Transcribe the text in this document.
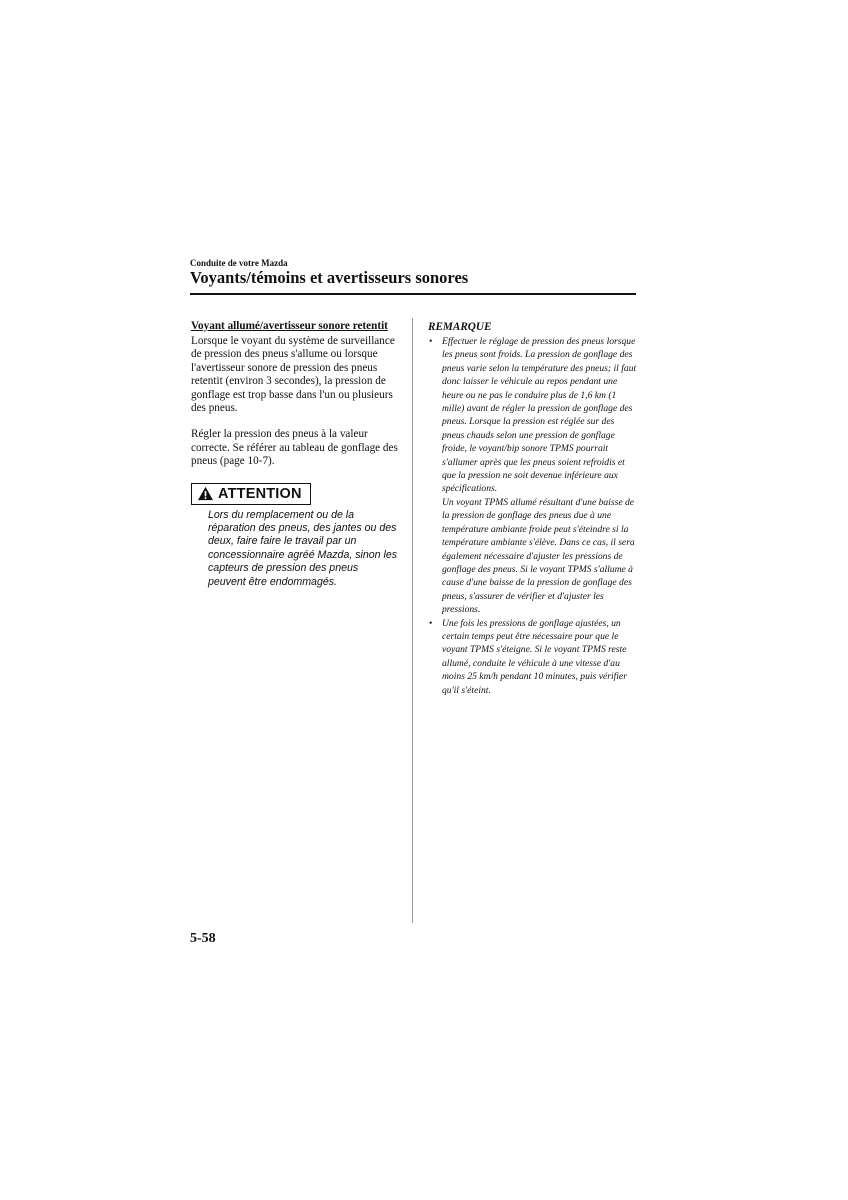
Conduite de votre Mazda
Voyants/témoins et avertisseurs sonores

Voyant allumé/avertisseur sonore retentit

Lorsque le voyant du système de surveillance de pression des pneus s'allume ou lorsque l'avertisseur sonore de pression des pneus retentit (environ 3 secondes), la pression de gonflage est trop basse dans l'un ou plusieurs des pneus.

Régler la pression des pneus à la valeur correcte. Se référer au tableau de gonflage des pneus (page 10-7).

ATTENTION
Lors du remplacement ou de la réparation des pneus, des jantes ou des deux, faire faire le travail par un concessionnaire agréé Mazda, sinon les capteurs de pression des pneus peuvent être endommagés.

REMARQUE

• Effectuer le réglage de pression des pneus lorsque les pneus sont froids. La pression de gonflage des pneus varie selon la température des pneus; il faut donc laisser le véhicule au repos pendant une heure ou ne pas le conduire plus de 1,6 km (1 mille) avant de régler la pression de gonflage des pneus. Lorsque la pression est réglée sur des pneus chauds selon une pression de gonflage froide, le voyant/bip sonore TPMS pourrait s'allumer après que les pneus soient refroidis et que la pression ne soit devenue inférieure aux spécifications.

Un voyant TPMS allumé résultant d'une baisse de la pression de gonflage des pneus due à une température ambiante froide peut s'éteindre si la température ambiante s'élève. Dans ce cas, il sera également nécessaire d'ajuster les pressions de gonflage des pneus. Si le voyant TPMS s'allume à cause d'une baisse de la pression de gonflage des pneus, s'assurer de vérifier et d'ajuster les pressions.

• Une fois les pressions de gonflage ajustées, un certain temps peut être nécessaire pour que le voyant TPMS s'éteigne. Si le voyant TPMS reste allumé, conduite le véhicule à une vitesse d'au moins 25 km/h pendant 10 minutes, puis vérifier qu'il s'éteint.

5-58
